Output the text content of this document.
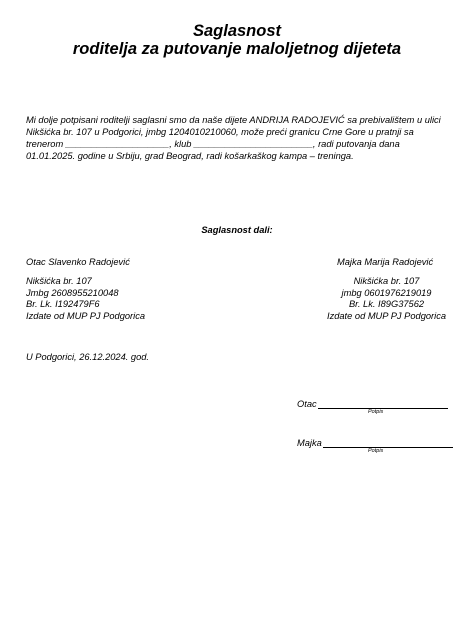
Saglasnost
roditelja za putovanje maloljetnog dijeteta
Mi dolje potpisani roditelji saglasni smo da naše dijete ANDRIJA RADOJEVIĆ sa prebivalištem u ulici
Nikšićka br. 107 u Podgorici, jmbg 1204010210060, može preći granicu Crne Gore u pratnji sa
trenerom ____________________, klub _______________________, radi putovanja dana
01.01.2025. godine u Srbiju, grad Beograd, radi košarkaškog kampa – treninga.
Saglasnost dali:
Otac Slavenko Radojević
Nikšićka br. 107
Jmbg 2608955210048
Br. Lk. I192479F6
Izdate od MUP PJ Podgorica
Majka Marija Radojević
Nikšićka br. 107
jmbg 0601976219019
Br. Lk. I89G37562
Izdate od MUP PJ Podgorica
U Podgorici, 26.12.2024. god.
Otac
Potpis
Majka
Potpis
